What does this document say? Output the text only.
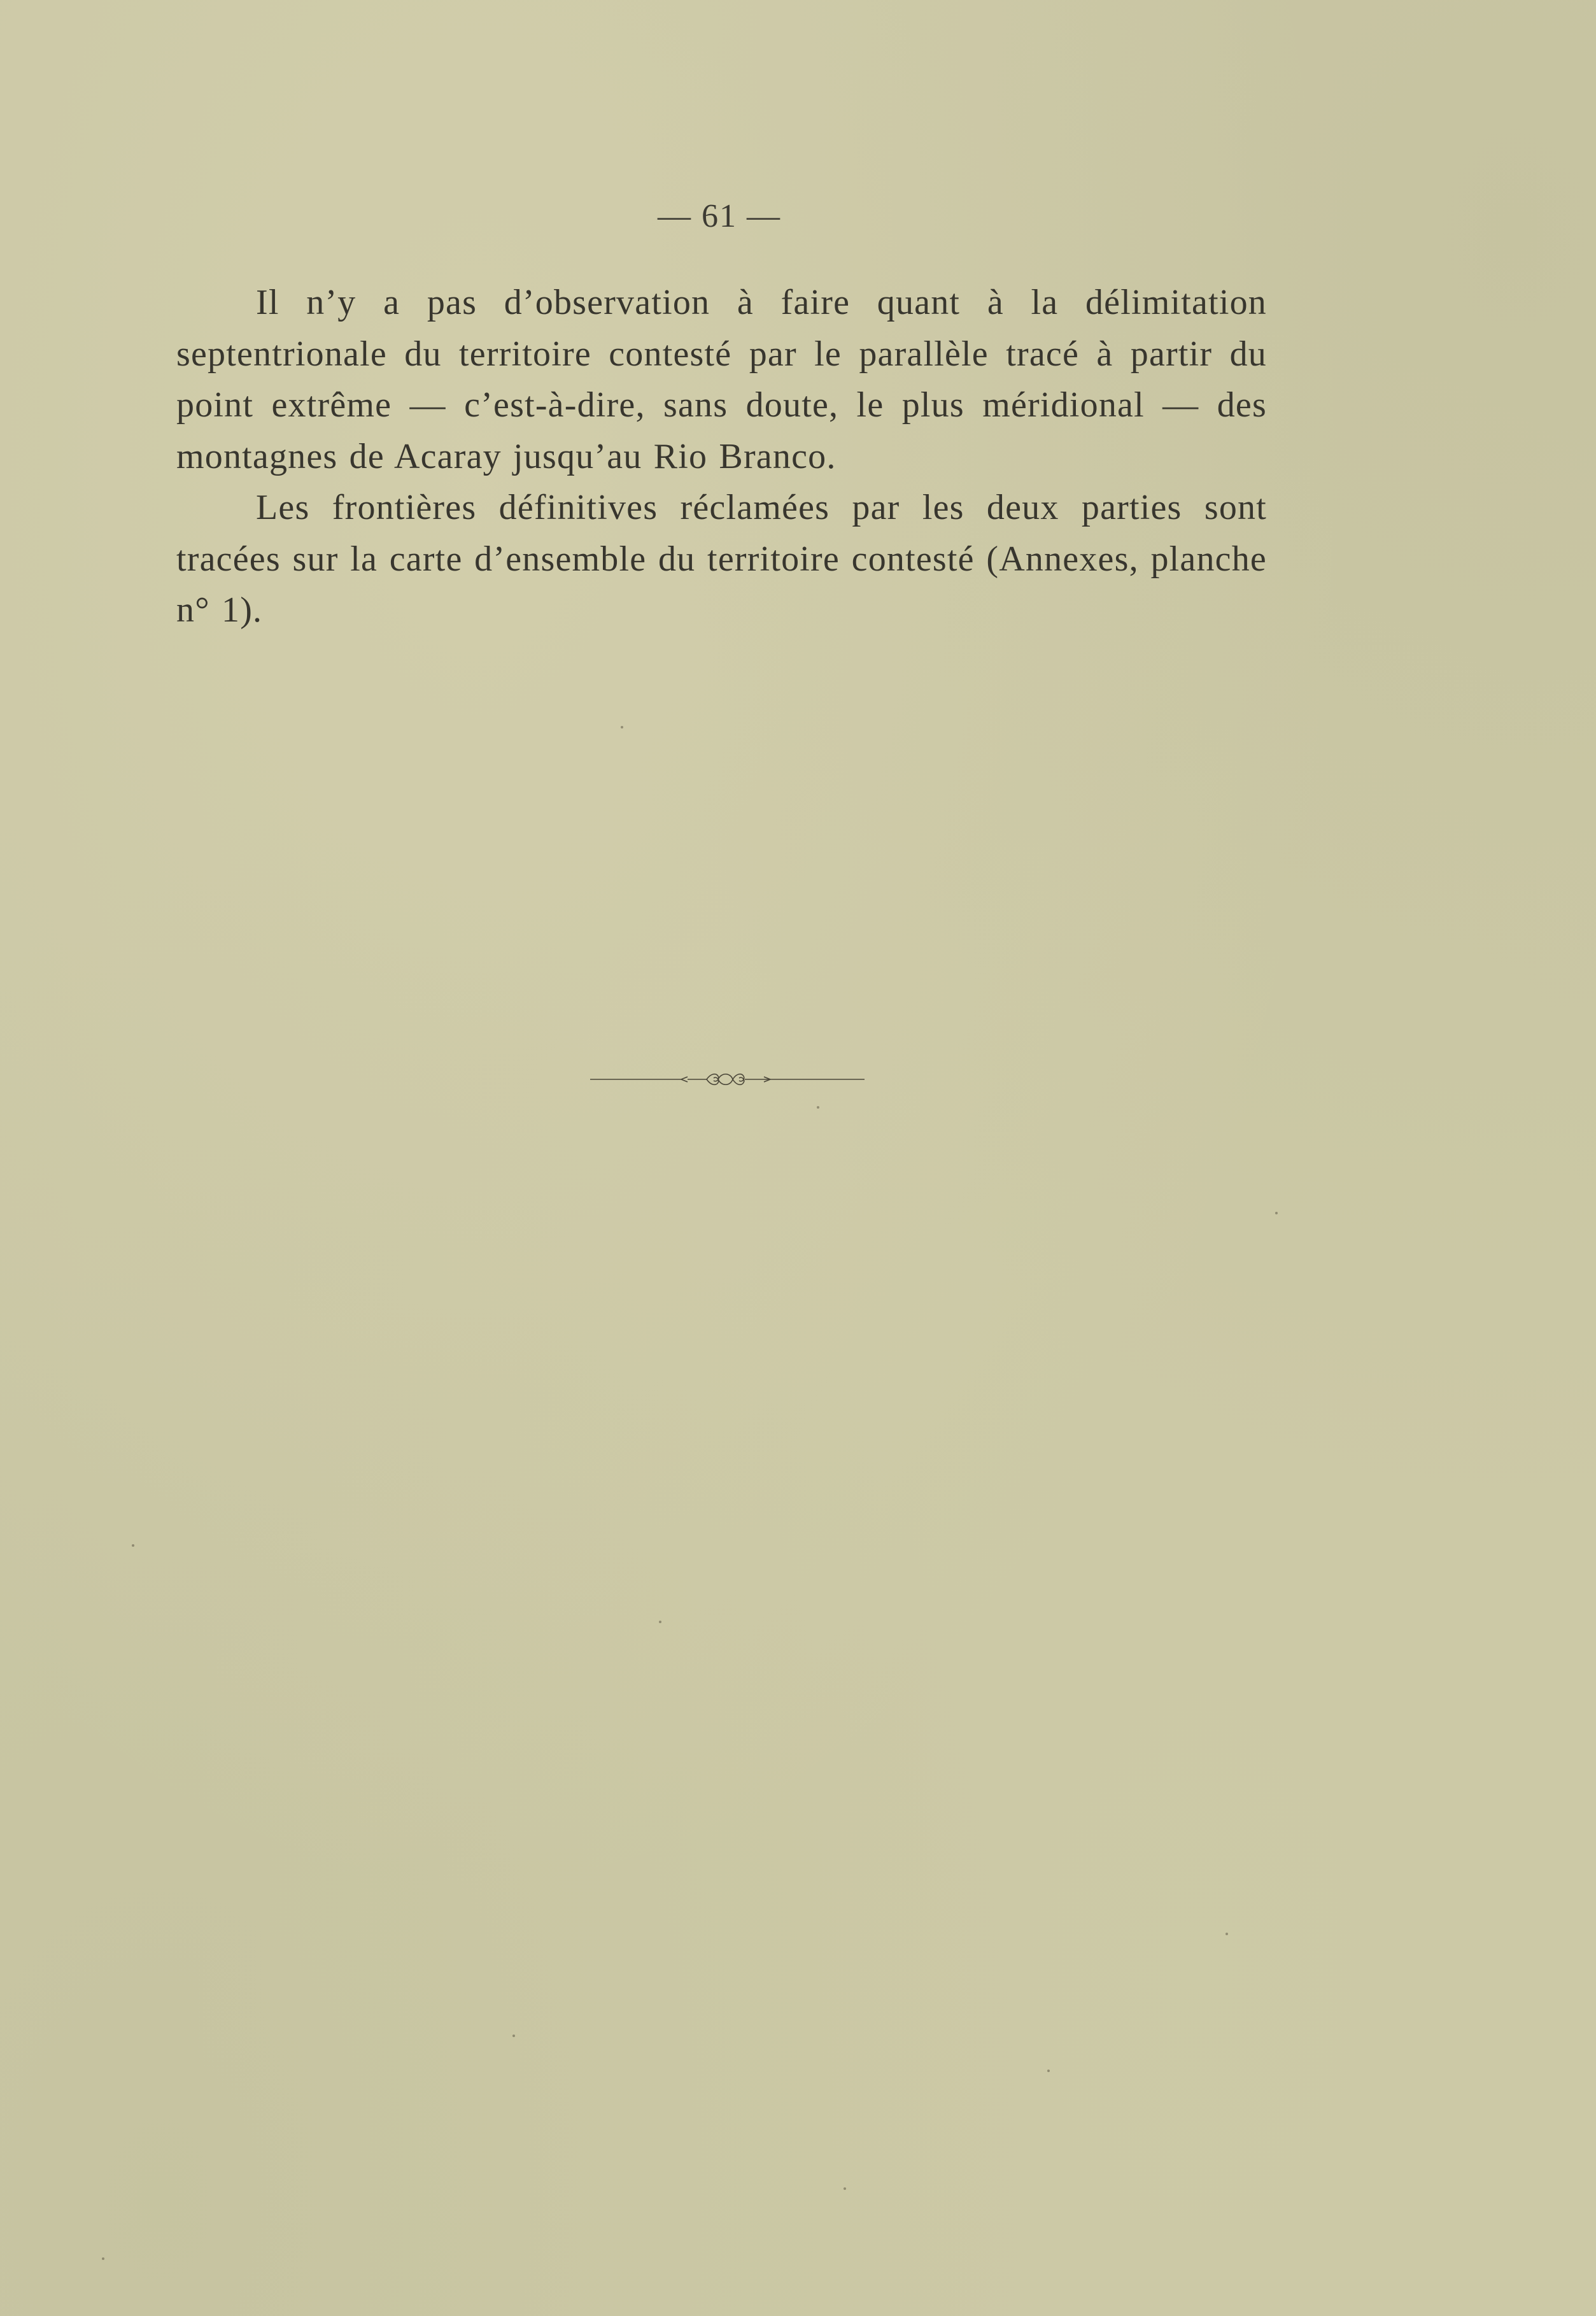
— 61 —

Il n’y a pas d’observation à faire quant à la délimitation septentrionale du territoire contesté par le parallèle tracé à partir du point extrême — c’est-à-dire, sans doute, le plus méridional — des montagnes de Acaray jusqu’au Rio Branco.

Les frontières définitives réclamées par les deux parties sont tracées sur la carte d’ensemble du territoire contesté (Annexes, planche n° 1).
